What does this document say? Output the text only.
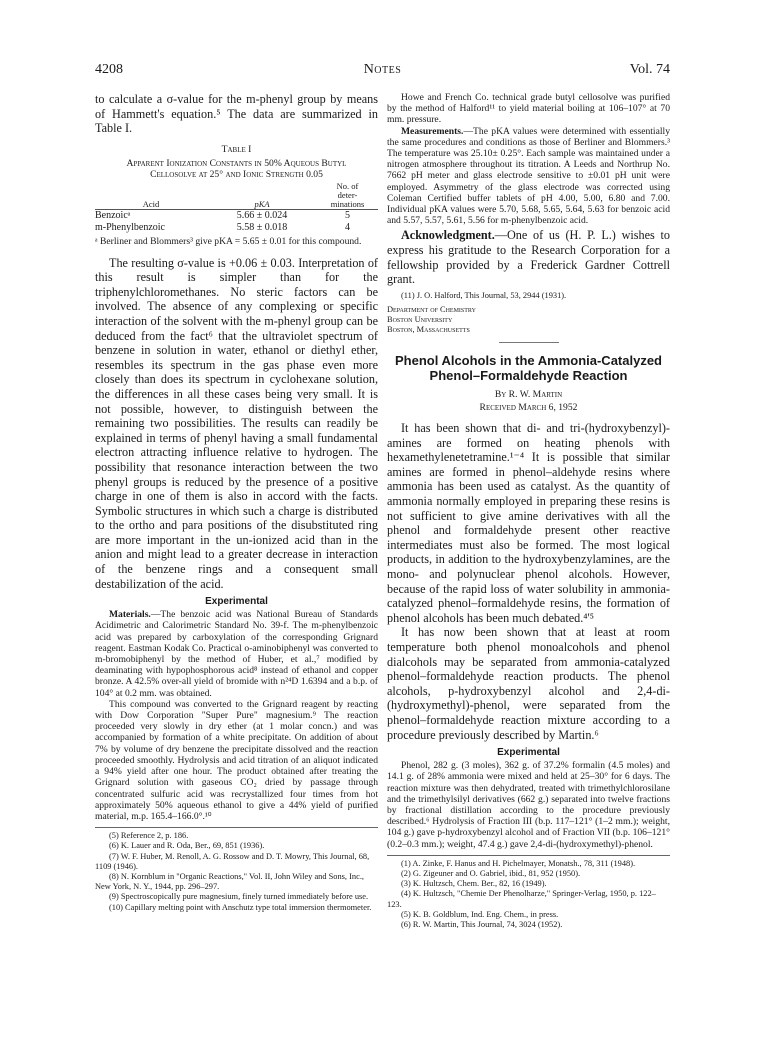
4208	Notes	Vol. 74

to calculate a σ-value for the m-phenyl group by means of Hammett's equation.⁵ The data are summarized in Table I.

Table I

Apparent Ionization Constants in 50% Aqueous Butyl

Cellosolve at 25° and Ionic Strength 0.05

		No. of
		deter-
Acid	pKA	minations

Benzoicᵃ	5.66 ± 0.024	5
m-Phenylbenzoic	5.58 ± 0.018	4

ᵃ Berliner and Blommers³ give pKA = 5.65 ± 0.01 for this compound.

The resulting σ-value is +0.06 ± 0.03. Interpretation of this result is simpler than for the triphenylchloromethanes. No steric factors can be involved. The absence of any complexing or specific interaction of the solvent with the m-phenyl group can be deduced from the fact⁶ that the ultraviolet spectrum of benzene in solution in water, ethanol or diethyl ether, resembles its spectrum in the gas phase even more closely than does its spectrum in cyclohexane solution, the differences in all these cases being very small. It is not possible, however, to distinguish between the remaining two possibilities. The results can readily be explained in terms of phenyl having a small fundamental electron attracting influence relative to hydrogen. The possibility that resonance interaction between the two phenyl groups is reduced by the presence of a positive charge in one of them is also in accord with the facts. Symbolic structures in which such a charge is distributed to the ortho and para positions of the disubstituted ring are more important in the un-ionized acid than in the anion and might lead to a greater decrease in interaction of the benzene rings and a consequent small destabilization of the acid.

Experimental

Materials.—The benzoic acid was National Bureau of Standards Acidimetric and Calorimetric Standard No. 39-f. The m-phenylbenzoic acid was prepared by carboxylation of the corresponding Grignard reagent. Eastman Kodak Co. Practical o-aminobiphenyl was converted to m-bromobiphenyl by the method of Huber, et al.,⁷ modified by deaminating with hypophosphorous acid⁸ instead of ethanol and copper bronze. A 42.5% over-all yield of bromide with n²⁴D 1.6394 and a b.p. of 104° at 0.2 mm. was obtained.

This compound was converted to the Grignard reagent by reacting with Dow Corporation "Super Pure" magnesium.⁹ The reaction proceeded very slowly in dry ether (at 1 molar concn.) and was accompanied by formation of a white precipitate. On addition of about 7% by volume of dry benzene the precipitate dissolved and the reaction proceeded smoothly. Hydrolysis and acid titration of an aliquot indicated a 94% yield after one hour. The product obtained after treating the Grignard solution with gaseous CO₂ dried by passage through concentrated sulfuric acid was recrystallized four times from hot approximately 50% aqueous ethanol to give a 44% yield of purified material, m.p. 165.4–166.0°.¹⁰

(5) Reference 2, p. 186.

(6) K. Lauer and R. Oda, Ber., 69, 851 (1936).

(7) W. F. Huber, M. Renoll, A. G. Rossow and D. T. Mowry, This Journal, 68, 1109 (1946).

(8) N. Kornblum in "Organic Reactions," Vol. II, John Wiley and Sons, Inc., New York, N. Y., 1944, pp. 296–297.

(9) Spectroscopically pure magnesium, finely turned immediately before use.

(10) Capillary melting point with Anschutz type total immersion thermometer.

Howe and French Co. technical grade butyl cellosolve was purified by the method of Halford¹¹ to yield material boiling at 106–107° at 70 mm. pressure.

Measurements.—The pKA values were determined with essentially the same procedures and conditions as those of Berliner and Blommers.³ The temperature was 25.10± 0.25°. Each sample was maintained under a nitrogen atmosphere throughout its titration. A Leeds and Northrup No. 7662 pH meter and glass electrode sensitive to ±0.01 pH unit were employed. Asymmetry of the glass electrode was corrected using Coleman Certified buffer tablets of pH 4.00, 5.00, 6.80 and 7.00. Individual pKA values were 5.70, 5.68, 5.65, 5.64, 5.63 for benzoic acid and 5.57, 5.57, 5.61, 5.56 for m-phenylbenzoic acid.

Acknowledgment.—One of us (H. P. L.) wishes to express his gratitude to the Research Corporation for a fellowship provided by a Frederick Gardner Cottrell grant.

(11) J. O. Halford, This Journal, 53, 2944 (1931).

Department of Chemistry

Boston University

Boston, Massachusetts

Phenol Alcohols in the Ammonia-Catalyzed

Phenol–Formaldehyde Reaction

By R. W. Martin

Received March 6, 1952

It has been shown that di- and tri-(hydroxybenzyl)-amines are formed on heating phenols with hexamethylenetetramine.¹⁻⁴ It is possible that similar amines are formed in phenol–aldehyde resins where ammonia has been used as catalyst. As the quantity of ammonia normally employed in preparing these resins is not sufficient to give amine derivatives with all the phenol and formaldehyde present other reactive intermediates must also be formed. The most logical products, in addition to the hydroxybenzylamines, are the mono- and polynuclear phenol alcohols. However, because of the rapid loss of water solubility in ammonia-catalyzed phenol–formaldehyde resins, the formation of phenol alcohols has been much debated.⁴'⁵

It has now been shown that at least at room temperature both phenol monoalcohols and phenol dialcohols may be separated from ammonia-catalyzed phenol–formaldehyde reaction products. The phenol alcohols, p-hydroxybenzyl alcohol and 2,4-di-(hydroxymethyl)-phenol, were separated from the phenol–formaldehyde reaction mixture according to a procedure previously described by Martin.⁶

Experimental

Phenol, 282 g. (3 moles), 362 g. of 37.2% formalin (4.5 moles) and 14.1 g. of 28% ammonia were mixed and held at 25–30° for 6 days. The reaction mixture was then dehydrated, treated with trimethylchlorosilane and the trimethylsilyl derivatives (662 g.) separated into twelve fractions by fractional distillation according to the procedure previously described.⁶ Hydrolysis of Fraction III (b.p. 117–121° (1–2 mm.); weight, 104 g.) gave p-hydroxybenzyl alcohol and of Fraction VII (b.p. 106–121° (0.2–0.3 mm.); weight, 47.4 g.) gave 2,4-di-(hydroxymethyl)-phenol.

(1) A. Zinke, F. Hanus and H. Pichelmayer, Monatsh., 78, 311 (1948).

(2) G. Zigeuner and O. Gabriel, ibid., 81, 952 (1950).

(3) K. Hultzsch, Chem. Ber., 82, 16 (1949).

(4) K. Hultzsch, "Chemie Der Phenolharze," Springer-Verlag, 1950, p. 122–123.

(5) K. B. Goldblum, Ind. Eng. Chem., in press.

(6) R. W. Martin, This Journal, 74, 3024 (1952).
